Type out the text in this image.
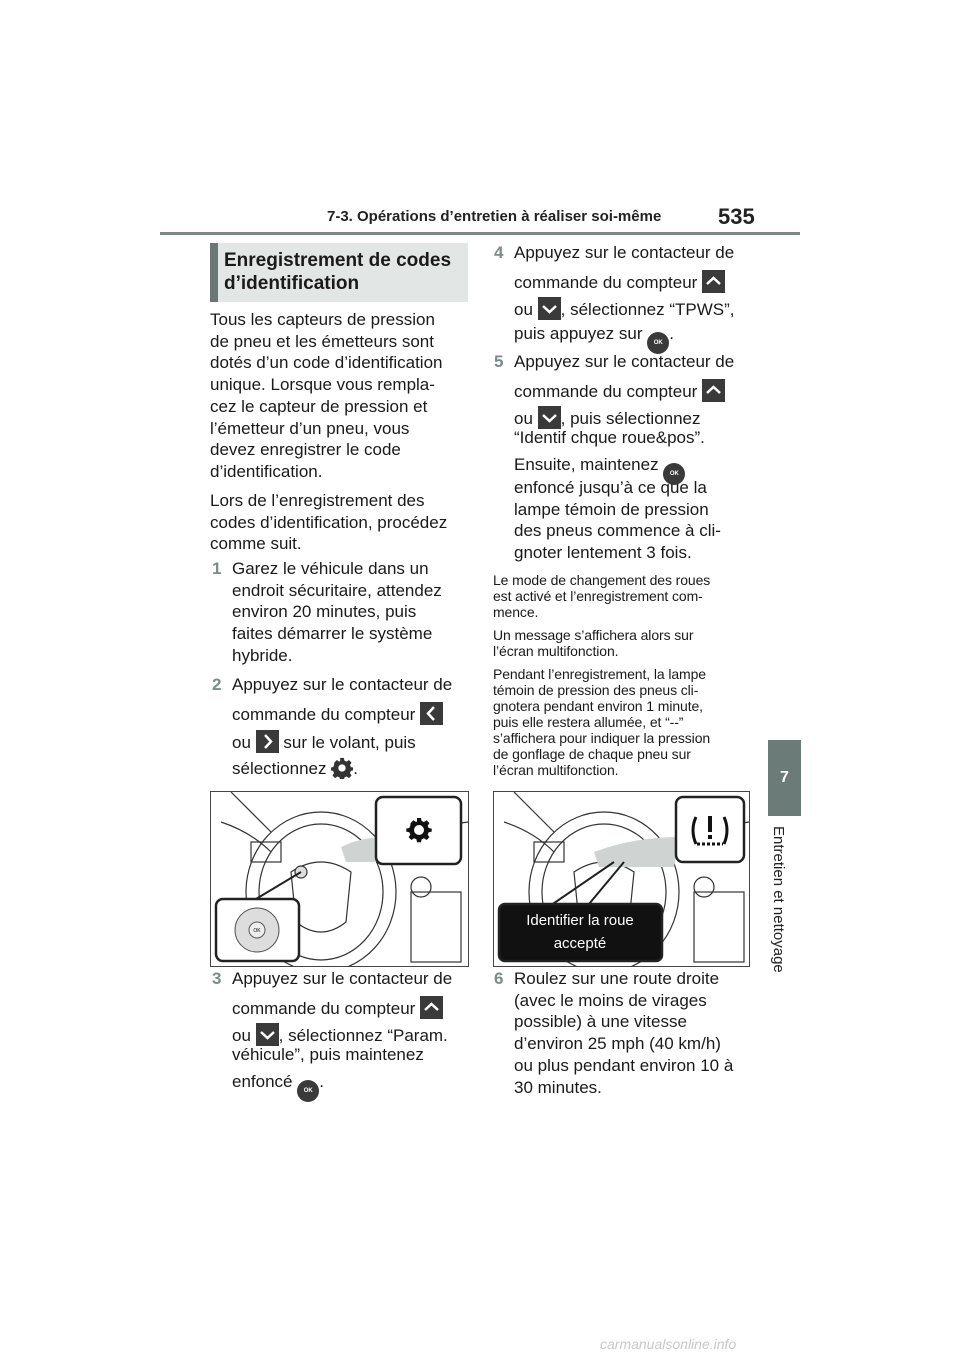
7-3. Opérations d’entretien à réaliser soi-même	535
7
Entretien et nettoyage
Enregistrement de codes
d’identification
Tous les capteurs de pression
de pneu et les émetteurs sont
dotés d’un code d’identification
unique. Lorsque vous rempla-
cez le capteur de pression et
l’émetteur d’un pneu, vous
devez enregistrer le code
d’identification.
Lors de l’enregistrement des
codes d’identification, procédez
comme suit.
1 Garez le véhicule dans un
endroit sécuritaire, attendez
environ 20 minutes, puis
faites démarrer le système
hybride.
2 Appuyez sur le contacteur de
commande du compteur
ou sur le volant, puis
sélectionnez .
OK
3 Appuyez sur le contacteur de
commande du compteur
ou , sélectionnez “Param.
véhicule”, puis maintenez
enfoncé OK .
4 Appuyez sur le contacteur de
commande du compteur
ou , sélectionnez “TPWS”,
puis appuyez sur OK .
5 Appuyez sur le contacteur de
commande du compteur
ou , puis sélectionnez
“Identif chque roue&pos”.
Ensuite, maintenez OK
enfoncé jusqu’à ce que la
lampe témoin de pression
des pneus commence à cli-
gnoter lentement 3 fois.
Le mode de changement des roues
est activé et l’enregistrement com-
mence.
Un message s’affichera alors sur
l’écran multifonction.
Pendant l’enregistrement, la lampe
témoin de pression des pneus cli-
gnotera pendant environ 1 minute,
puis elle restera allumée, et “--”
s’affichera pour indiquer la pression
de gonflage de chaque pneu sur
l’écran multifonction.
Identifier la roue
accepté
6 Roulez sur une route droite
(avec le moins de virages
possible) à une vitesse
d’environ 25 mph (40 km/h)
ou plus pendant environ 10 à
30 minutes.
carmanualsonline.info
